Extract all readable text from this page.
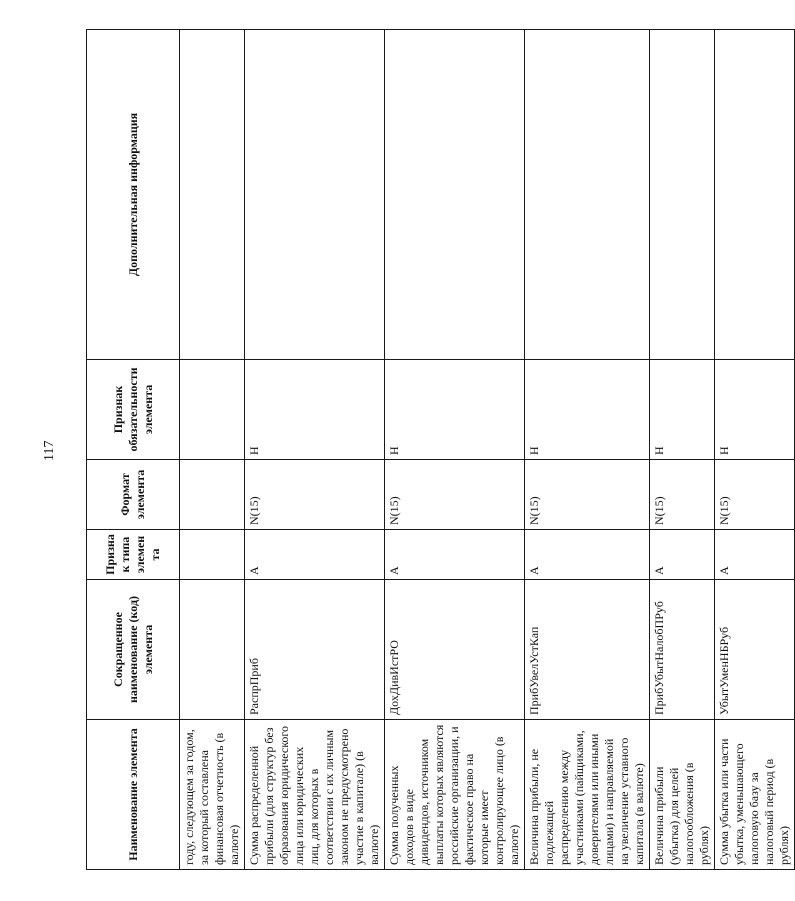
117
Наименование элемента	Сокращенное наименование (код) элемента	Признак типа элемента	Формат элемента	Признак обязательности элемента	Дополнительная информация
году, следующем за годом, за который составлена финансовая отчетность (в валюте)					
Сумма распределенной прибыли (для структур без образования юридического лица или юридических лиц, для которых в соответствии с их личным законом не предусмотрено участие в капитале) (в валюте)	РаспрПриб	А	N(15)	Н	
Сумма полученных доходов в виде дивидендов, источником выплаты которых являются российские организации, и фактическое право на которые имеет контролирующее лицо (в валюте)	ДохДивИстРО	А	N(15)	Н	
Величина прибыли, не подлежащей распределению между участниками (пайщиками, доверителями или иными лицами) и направляемой на увеличение уставного капитала (в валюте)	ПрибУвелУстКап	А	N(15)	Н	
Величина прибыли (убытка) для целей налогообложения (в рублях)	ПрибУбытНалобПРуб	А	N(15)	Н	
Сумма убытка или части убытка, уменьшающего налоговую базу за налоговый период (в рублях)	УбытУменНБРуб	А	N(15)	Н	
